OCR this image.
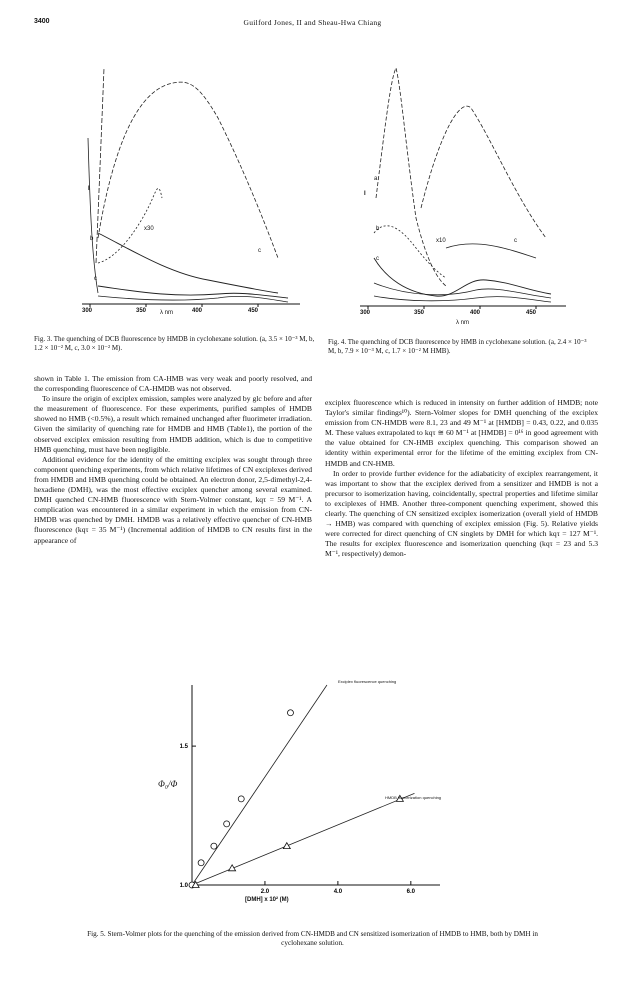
3400	Guilford Jones, II and Sheau-Hwa Chiang
I
b
c
c
x30
300	350	400	450
λ nm
Fig. 3. The quenching of DCB fluorescence by HMDB in cyclohexane solution. (a, 3.5 × 10⁻³ M, b, 1.2 × 10⁻² M, c, 3.0 × 10⁻² M).
I
a
b
c
c
x10
300	350	400	450
λ nm
Fig. 4. The quenching of DCB fluorescence by HMB in cyclohexane solution. (a, 2.4 × 10⁻³ M, b, 7.9 × 10⁻³ M, c, 1.7 × 10⁻² M HMB).

shown in Table 1. The emission from CA-HMB was very weak and poorly resolved, and the corresponding fluorescence of CA-HMDB was not observed.

To insure the origin of exciplex emission, samples were analyzed by glc before and after the measurement of fluorescence. For these experiments, purified samples of HMDB showed no HMB (<0.5%), a result which remained unchanged after fluorimeter irradiation. Given the similarity of quenching rate for HMDB and HMB (Table1), the portion of the observed exciplex emission resulting from HMDB addition, which is due to competitive HMB quenching, must have been negligible.

Additional evidence for the identity of the emitting exciplex was sought through three component quenching experiments, from which relative lifetimes of CN exciplexes derived from HMDB and HMB quenching could be obtained. An electron donor, 2,5-dimethyl-2,4-hexadiene (DMH), was the most effective exciplex quencher among several examined. DMH quenched CN-HMB fluorescence with Stern-Volmer constant, kqτ = 59 M⁻¹. A complication was encountered in a similar experiment in which the emission from CN-HMDB was quenched by DMH. HMDB was a relatively effective quencher of CN-HMB fluorescence (kqτ = 35 M⁻¹) (Incremental addition of HMDB to CN results first in the appearance of

exciplex fluorescence which is reduced in intensity on further addition of HMDB; note Taylor's similar findings¹⁰). Stern-Volmer slopes for DMH quenching of the exciplex emission from CN-HMDB were 8.1, 23 and 49 M⁻¹ at [HMDB] = 0.43, 0.22, and 0.035 M. These values extrapolated to kqτ ≅ 60 M⁻¹ at [HMDB] = 0¹⁶ in good agreement with the value obtained for CN-HMB exciplex quenching. This comparison showed an identity within experimental error for the lifetime of the emitting exciplex from CN-HMDB and CN-HMB.

In order to provide further evidence for the adiabaticity of exciplex rearrangement, it was important to show that the exciplex derived from a sensitizer and HMDB is not a precursor to isomerization having, coincidentally, spectral properties and lifetime similar to exciplexes of HMB. Another three-component quenching experiment, showed this clearly. The quenching of CN sensitized exciplex isomerization (overall yield of HMDB → HMB) was compared with quenching of exciplex emission (Fig. 5). Relative yields were corrected for direct quenching of CN singlets by DMH for which kqτ = 127 M⁻¹. The results for exciplex fluorescence and isomerization quenching (kqτ = 23 and 5.3 M⁻¹, respectively) demon-

1.0
1.5
2.0	4.0	6.0
Exciplex fluorescence quenching
HMDB isomerization quenching
Φ₀/Φ
[DMH] x 10² (M)
Fig. 5. Stern-Volmer plots for the quenching of the emission derived from CN-HMDB and CN sensitized isomerization of HMDB to HMB, both by DMH in cyclohexane solution.
